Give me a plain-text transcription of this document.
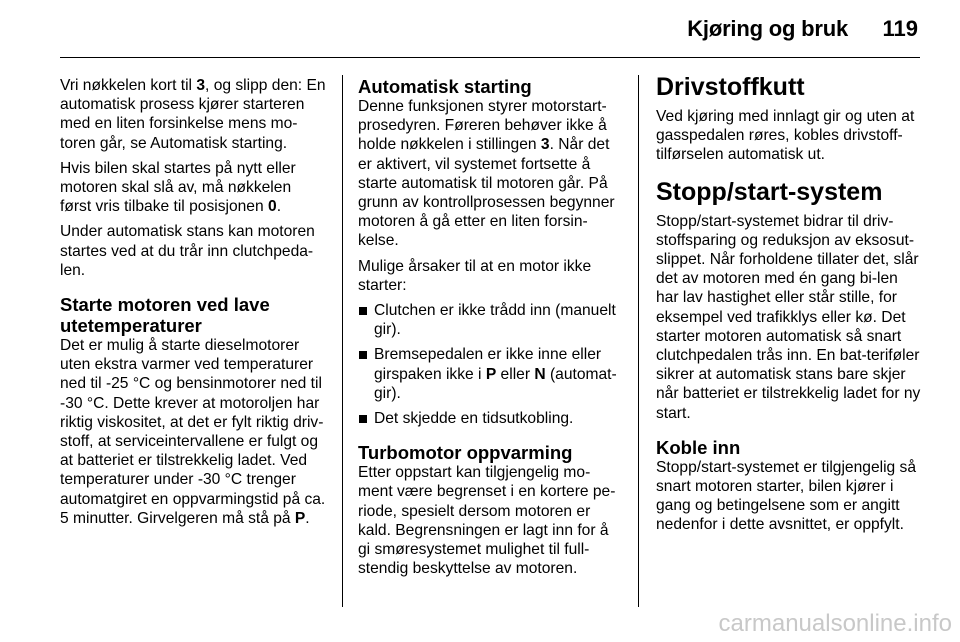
Kjøring og bruk 119

Vri nøkkelen kort til 3, og slipp den: En automatisk prosess kjører starteren med en liten forsinkelse mens mo-toren går, se Automatisk starting.

Hvis bilen skal startes på nytt eller motoren skal slå av, må nøkkelen først vris tilbake til posisjonen 0.

Under automatisk stans kan motoren startes ved at du trår inn clutchpeda-len.

Starte motoren ved lave utetemperaturer

Det er mulig å starte dieselmotorer uten ekstra varmer ved temperaturer ned til -25 °C og bensinmotorer ned til -30 °C. Dette krever at motoroljen har riktig viskositet, at det er fylt riktig driv-stoff, at serviceintervallene er fulgt og at batteriet er tilstrekkelig ladet. Ved temperaturer under -30 °C trenger automatgiret en oppvarmingstid på ca. 5 minutter. Girvelgeren må stå på P.

Automatisk starting

Denne funksjonen styrer motorstart-prosedyren. Føreren behøver ikke å holde nøkkelen i stillingen 3. Når det er aktivert, vil systemet fortsette å starte automatisk til motoren går. På grunn av kontrollprosessen begynner motoren å gå etter en liten forsin-kelse.

Mulige årsaker til at en motor ikke starter:

Clutchen er ikke trådd inn (manuelt gir).
Bremsepedalen er ikke inne eller girspaken ikke i P eller N (automat-gir).
Det skjedde en tidsutkobling.
Turbomotor oppvarming

Etter oppstart kan tilgjengelig mo-ment være begrenset i en kortere pe-riode, spesielt dersom motoren er kald. Begrensningen er lagt inn for å gi smøresystemet mulighet til full-stendig beskyttelse av motoren.

Drivstoffkutt

Ved kjøring med innlagt gir og uten at gasspedalen røres, kobles drivstoff-tilførselen automatisk ut.

Stopp/start-system

Stopp/start-systemet bidrar til driv-stoffsparing og reduksjon av eksosut-slippet. Når forholdene tillater det, slår det av motoren med én gang bi-len har lav hastighet eller står stille, for eksempel ved trafikklys eller kø. Det starter motoren automatisk så snart clutchpedalen trås inn. En bat-teriføler sikrer at automatisk stans bare skjer når batteriet er tilstrekkelig ladet for ny start.

Koble inn

Stopp/start-systemet er tilgjengelig så snart motoren starter, bilen kjører i gang og betingelsene som er angitt nedenfor i dette avsnittet, er oppfylt.

carmanualsonline.info
